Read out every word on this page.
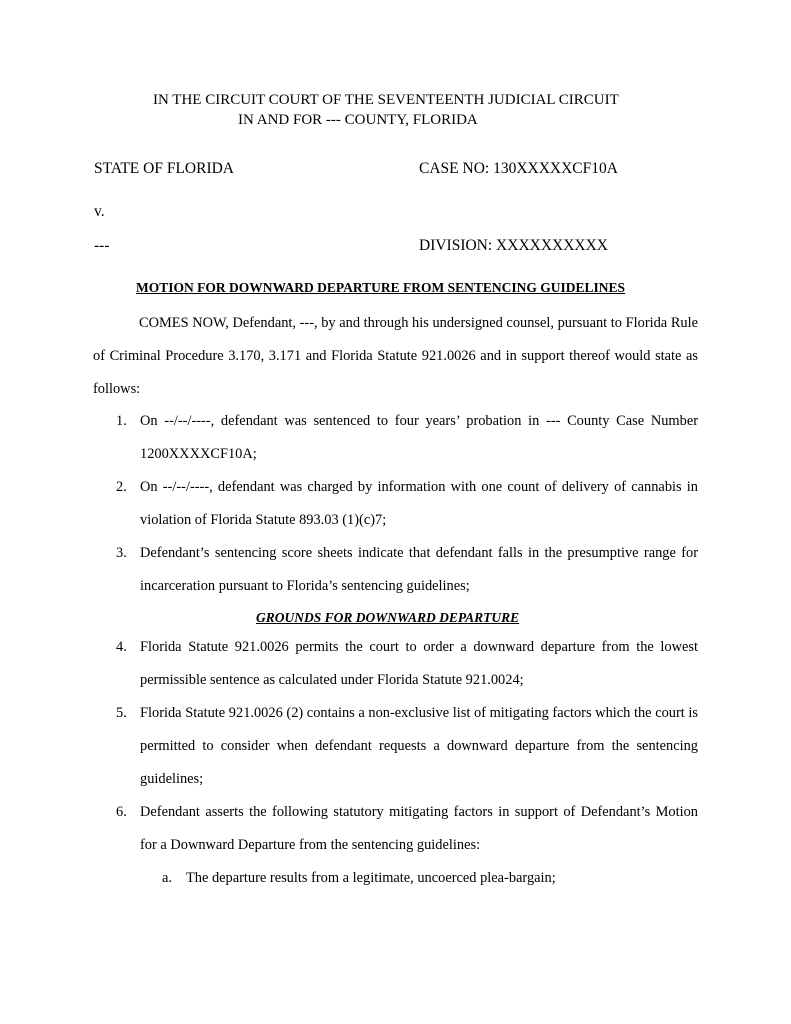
IN THE CIRCUIT COURT OF THE SEVENTEENTH JUDICIAL CIRCUIT
IN AND FOR --- COUNTY, FLORIDA
STATE OF FLORIDA	CASE NO: 130XXXXXCF10A
v.
---	DIVISION: XXXXXXXXXX
MOTION FOR DOWNWARD DEPARTURE FROM SENTENCING GUIDELINES
COMES NOW, Defendant, ---, by and through his undersigned counsel, pursuant to Florida Rule of Criminal Procedure 3.170, 3.171 and Florida Statute 921.0026 and in support thereof would state as follows:
1. On --/--/----, defendant was sentenced to four years’ probation in --- County Case Number 1200XXXXCF10A;
2. On --/--/----, defendant was charged by information with one count of delivery of cannabis in violation of Florida Statute 893.03 (1)(c)7;
3. Defendant’s sentencing score sheets indicate that defendant falls in the presumptive range for incarceration pursuant to Florida’s sentencing guidelines;
GROUNDS FOR DOWNWARD DEPARTURE
4. Florida Statute 921.0026 permits the court to order a downward departure from the lowest permissible sentence as calculated under Florida Statute 921.0024;
5. Florida Statute 921.0026 (2) contains a non-exclusive list of mitigating factors which the court is permitted to consider when defendant requests a downward departure from the sentencing guidelines;
6. Defendant asserts the following statutory mitigating factors in support of Defendant’s Motion for a Downward Departure from the sentencing guidelines:
a. The departure results from a legitimate, uncoerced plea-bargain;
